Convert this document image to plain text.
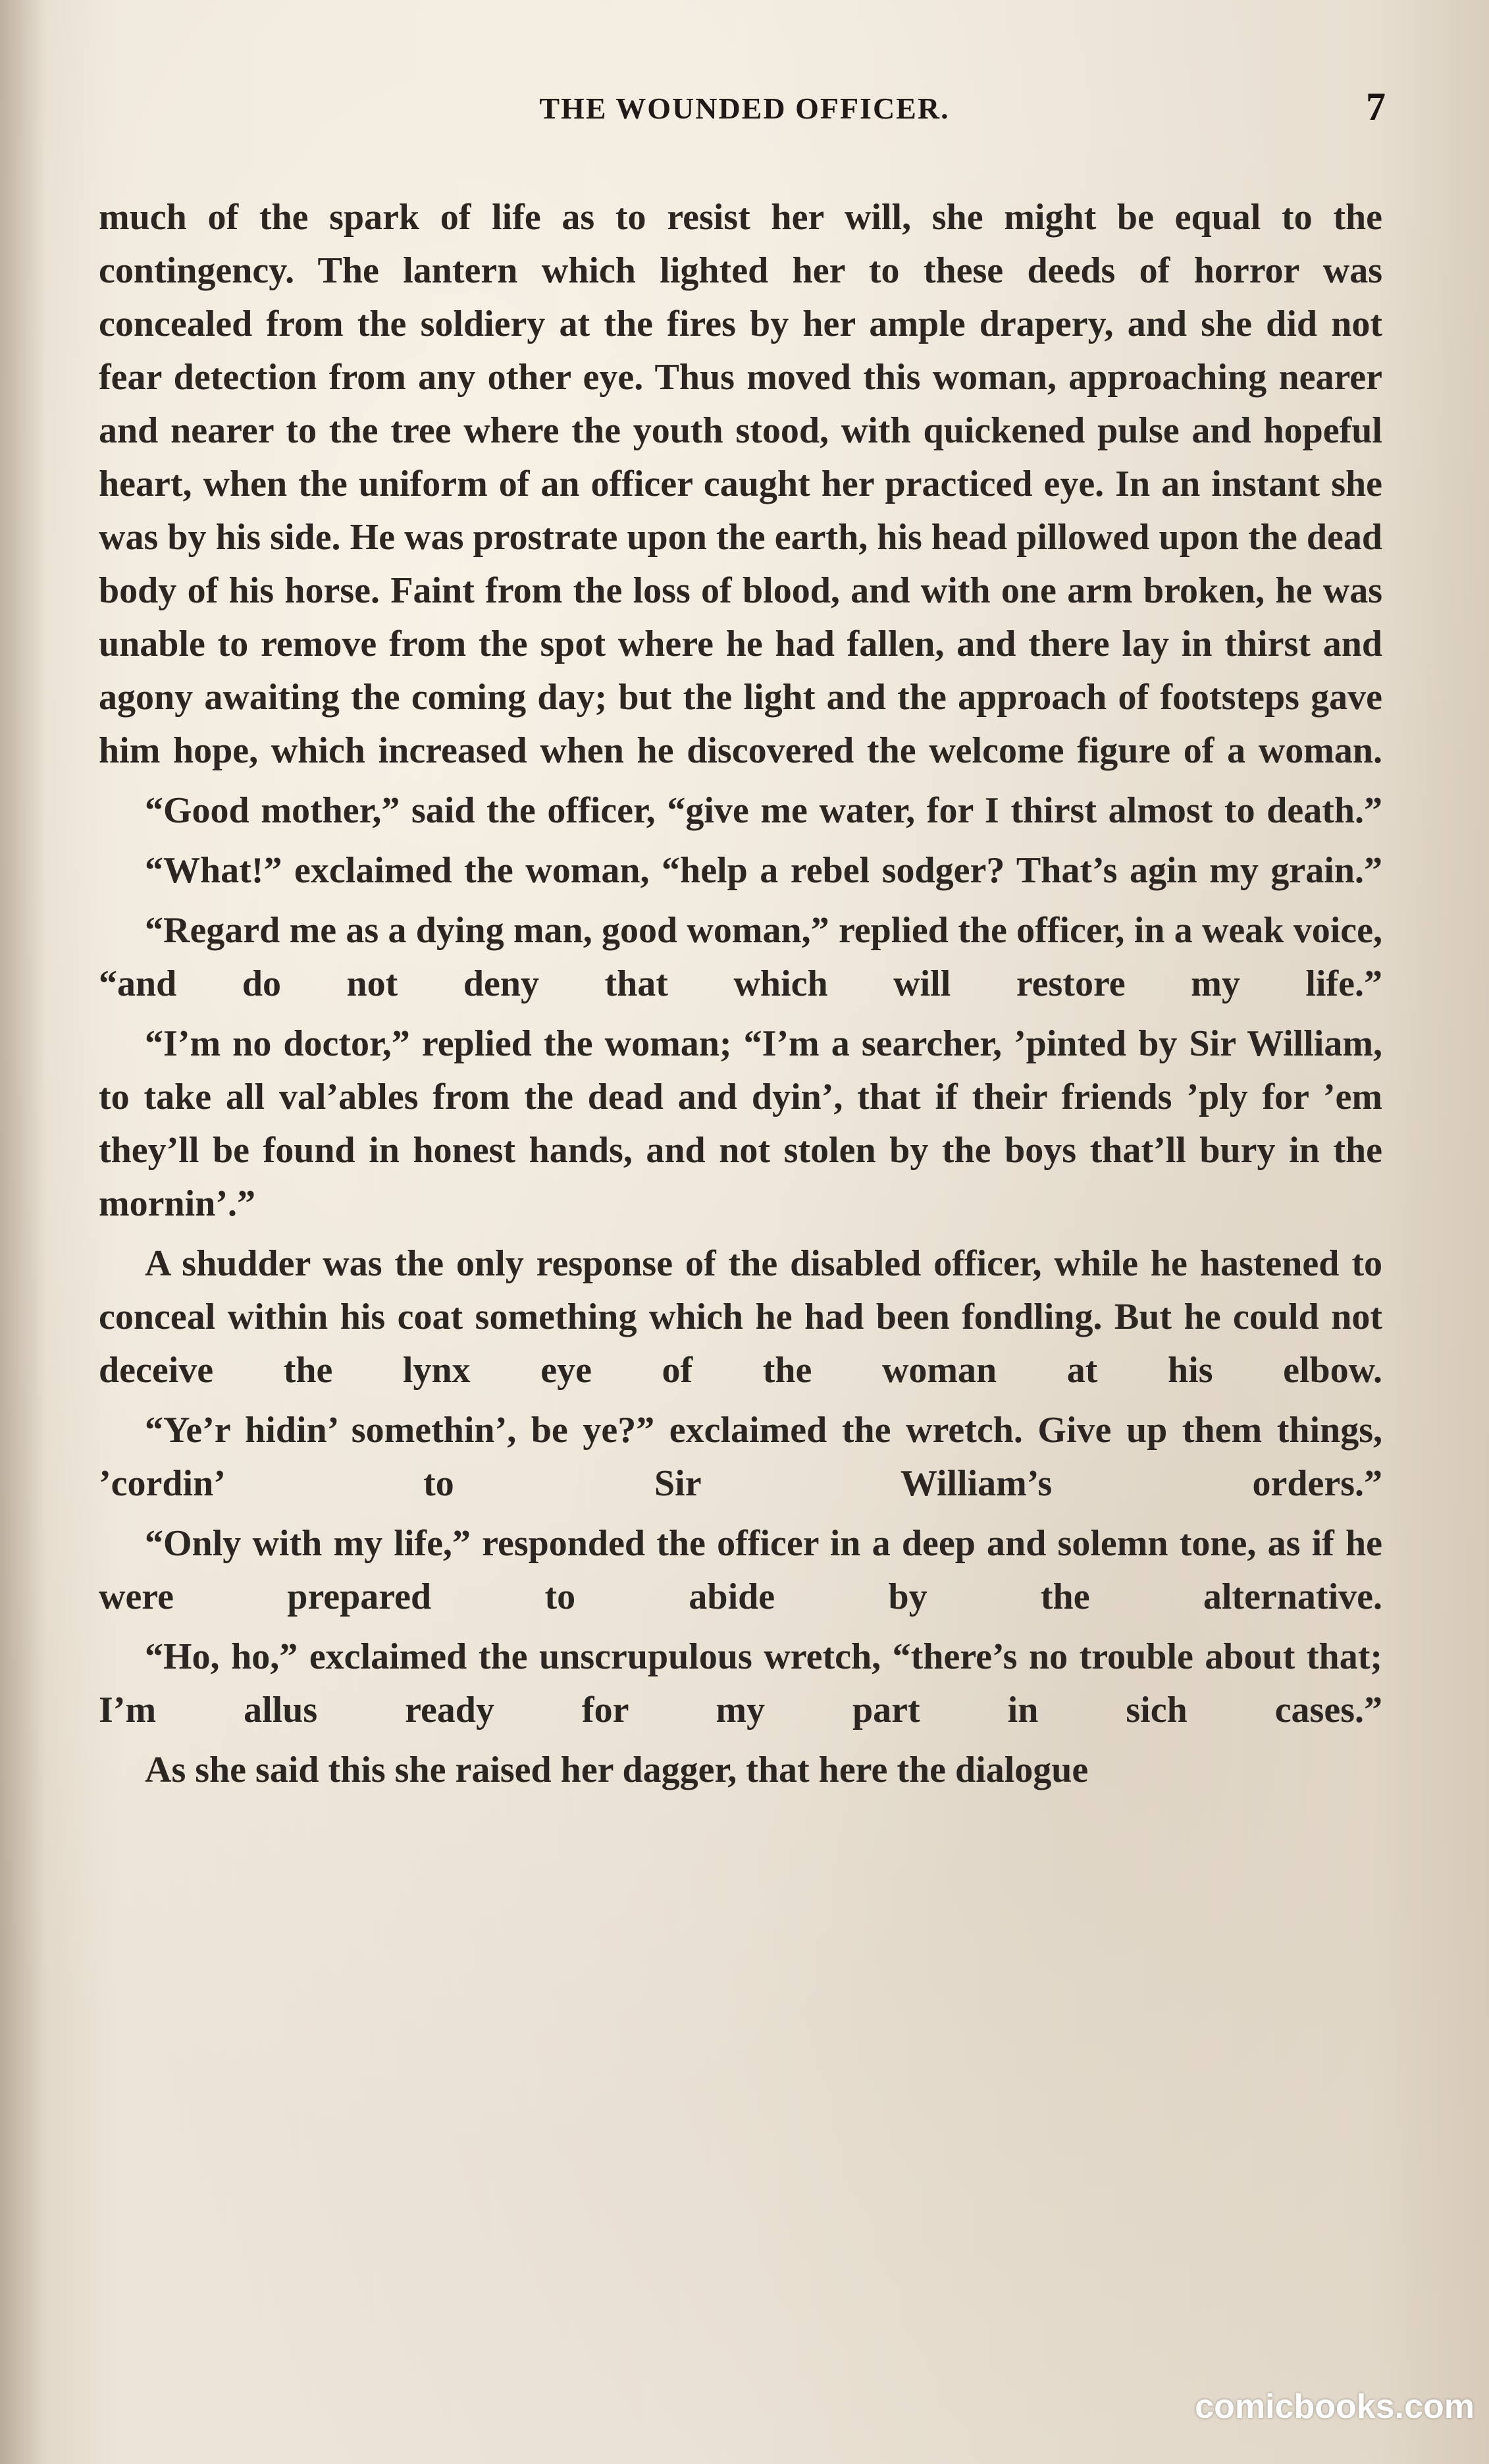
THE WOUNDED OFFICER.	7

much of the spark of life as to resist her will, she might be equal to the contingency. The lantern which lighted her to these deeds of horror was concealed from the soldiery at the fires by her ample drapery, and she did not fear detection from any other eye. Thus moved this woman, approaching nearer and nearer to the tree where the youth stood, with quickened pulse and hopeful heart, when the uniform of an officer caught her practiced eye. In an instant she was by his side. He was prostrate upon the earth, his head pillowed upon the dead body of his horse. Faint from the loss of blood, and with one arm broken, he was unable to remove from the spot where he had fallen, and there lay in thirst and agony awaiting the coming day; but the light and the approach of footsteps gave him hope, which increased when he discovered the welcome figure of a woman.

“Good mother,” said the officer, “give me water, for I thirst almost to death.”

“What!” exclaimed the woman, “help a rebel sodger? That’s agin my grain.”

“Regard me as a dying man, good woman,” replied the officer, in a weak voice, “and do not deny that which will restore my life.”

“I’m no doctor,” replied the woman; “I’m a searcher, ’pinted by Sir William, to take all val’ables from the dead and dyin’, that if their friends ’ply for ’em they’ll be found in honest hands, and not stolen by the boys that’ll bury in the mornin’.”

A shudder was the only response of the disabled officer, while he hastened to conceal within his coat something which he had been fondling. But he could not deceive the lynx eye of the woman at his elbow.

“Ye’r hidin’ somethin’, be ye?” exclaimed the wretch. Give up them things, ’cordin’ to Sir William’s orders.”

“Only with my life,” responded the officer in a deep and solemn tone, as if he were prepared to abide by the alternative.

“Ho, ho,” exclaimed the unscrupulous wretch, “there’s no trouble about that; I’m allus ready for my part in sich cases.”

As she said this she raised her dagger, that here the dialogue

comicbooks.com
